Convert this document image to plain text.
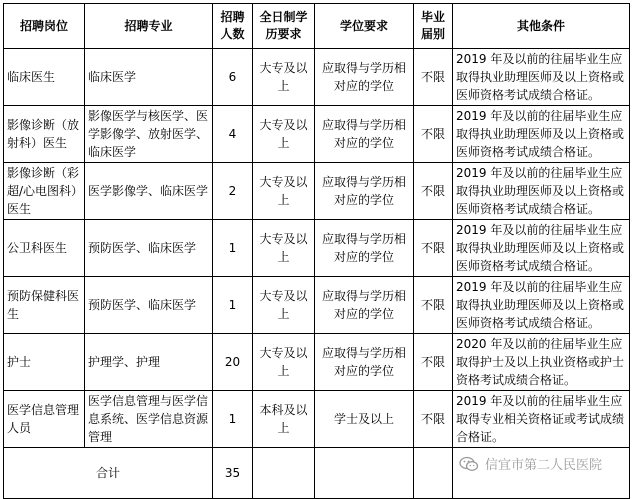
招聘岗位	招聘专业	招聘人数	全日制学历要求	学位要求	毕业届别	其他条件
临床医生	临床医学	6	大专及以上	应取得与学历相对应的学位	不限	2019 年及以前的往届毕业生应取得执业助理医师及以上资格或医师资格考试成绩合格证。
影像诊断（放射科）医生	影像医学与核医学、医学影像学、放射医学、临床医学	4	大专及以上	应取得与学历相对应的学位	不限	2019 年及以前的往届毕业生应取得执业助理医师及以上资格或医师资格考试成绩合格证。
影像诊断（彩超/心电图科）医生	医学影像学、临床医学	2	大专及以上	应取得与学历相对应的学位	不限	2019 年及以前的往届毕业生应取得执业助理医师及以上资格或医师资格考试成绩合格证。
公卫科医生	预防医学、临床医学	1	大专及以上	应取得与学历相对应的学位	不限	2019 年及以前的往届毕业生应取得执业助理医师及以上资格或医师资格考试成绩合格证。
预防保健科医生	预防医学、临床医学	1	大专及以上	应取得与学历相对应的学位	不限	2019 年及以前的往届毕业生应取得执业助理医师及以上资格或医师资格考试成绩合格证。
护士	护理学、护理	20	大专及以上	应取得与学历相对应的学位	不限	2020 年及以前的往届毕业生应取得护士及以上执业资格或护士资格考试成绩合格证。
医学信息管理人员	医学信息管理与医学信息系统、医学信息资源管理	1	本科及以上	学士及以上	不限	2019 年及以前的往届毕业生应取得专业相关资格证或考试成绩合格证。
合计		35					信宜市第二人民医院
